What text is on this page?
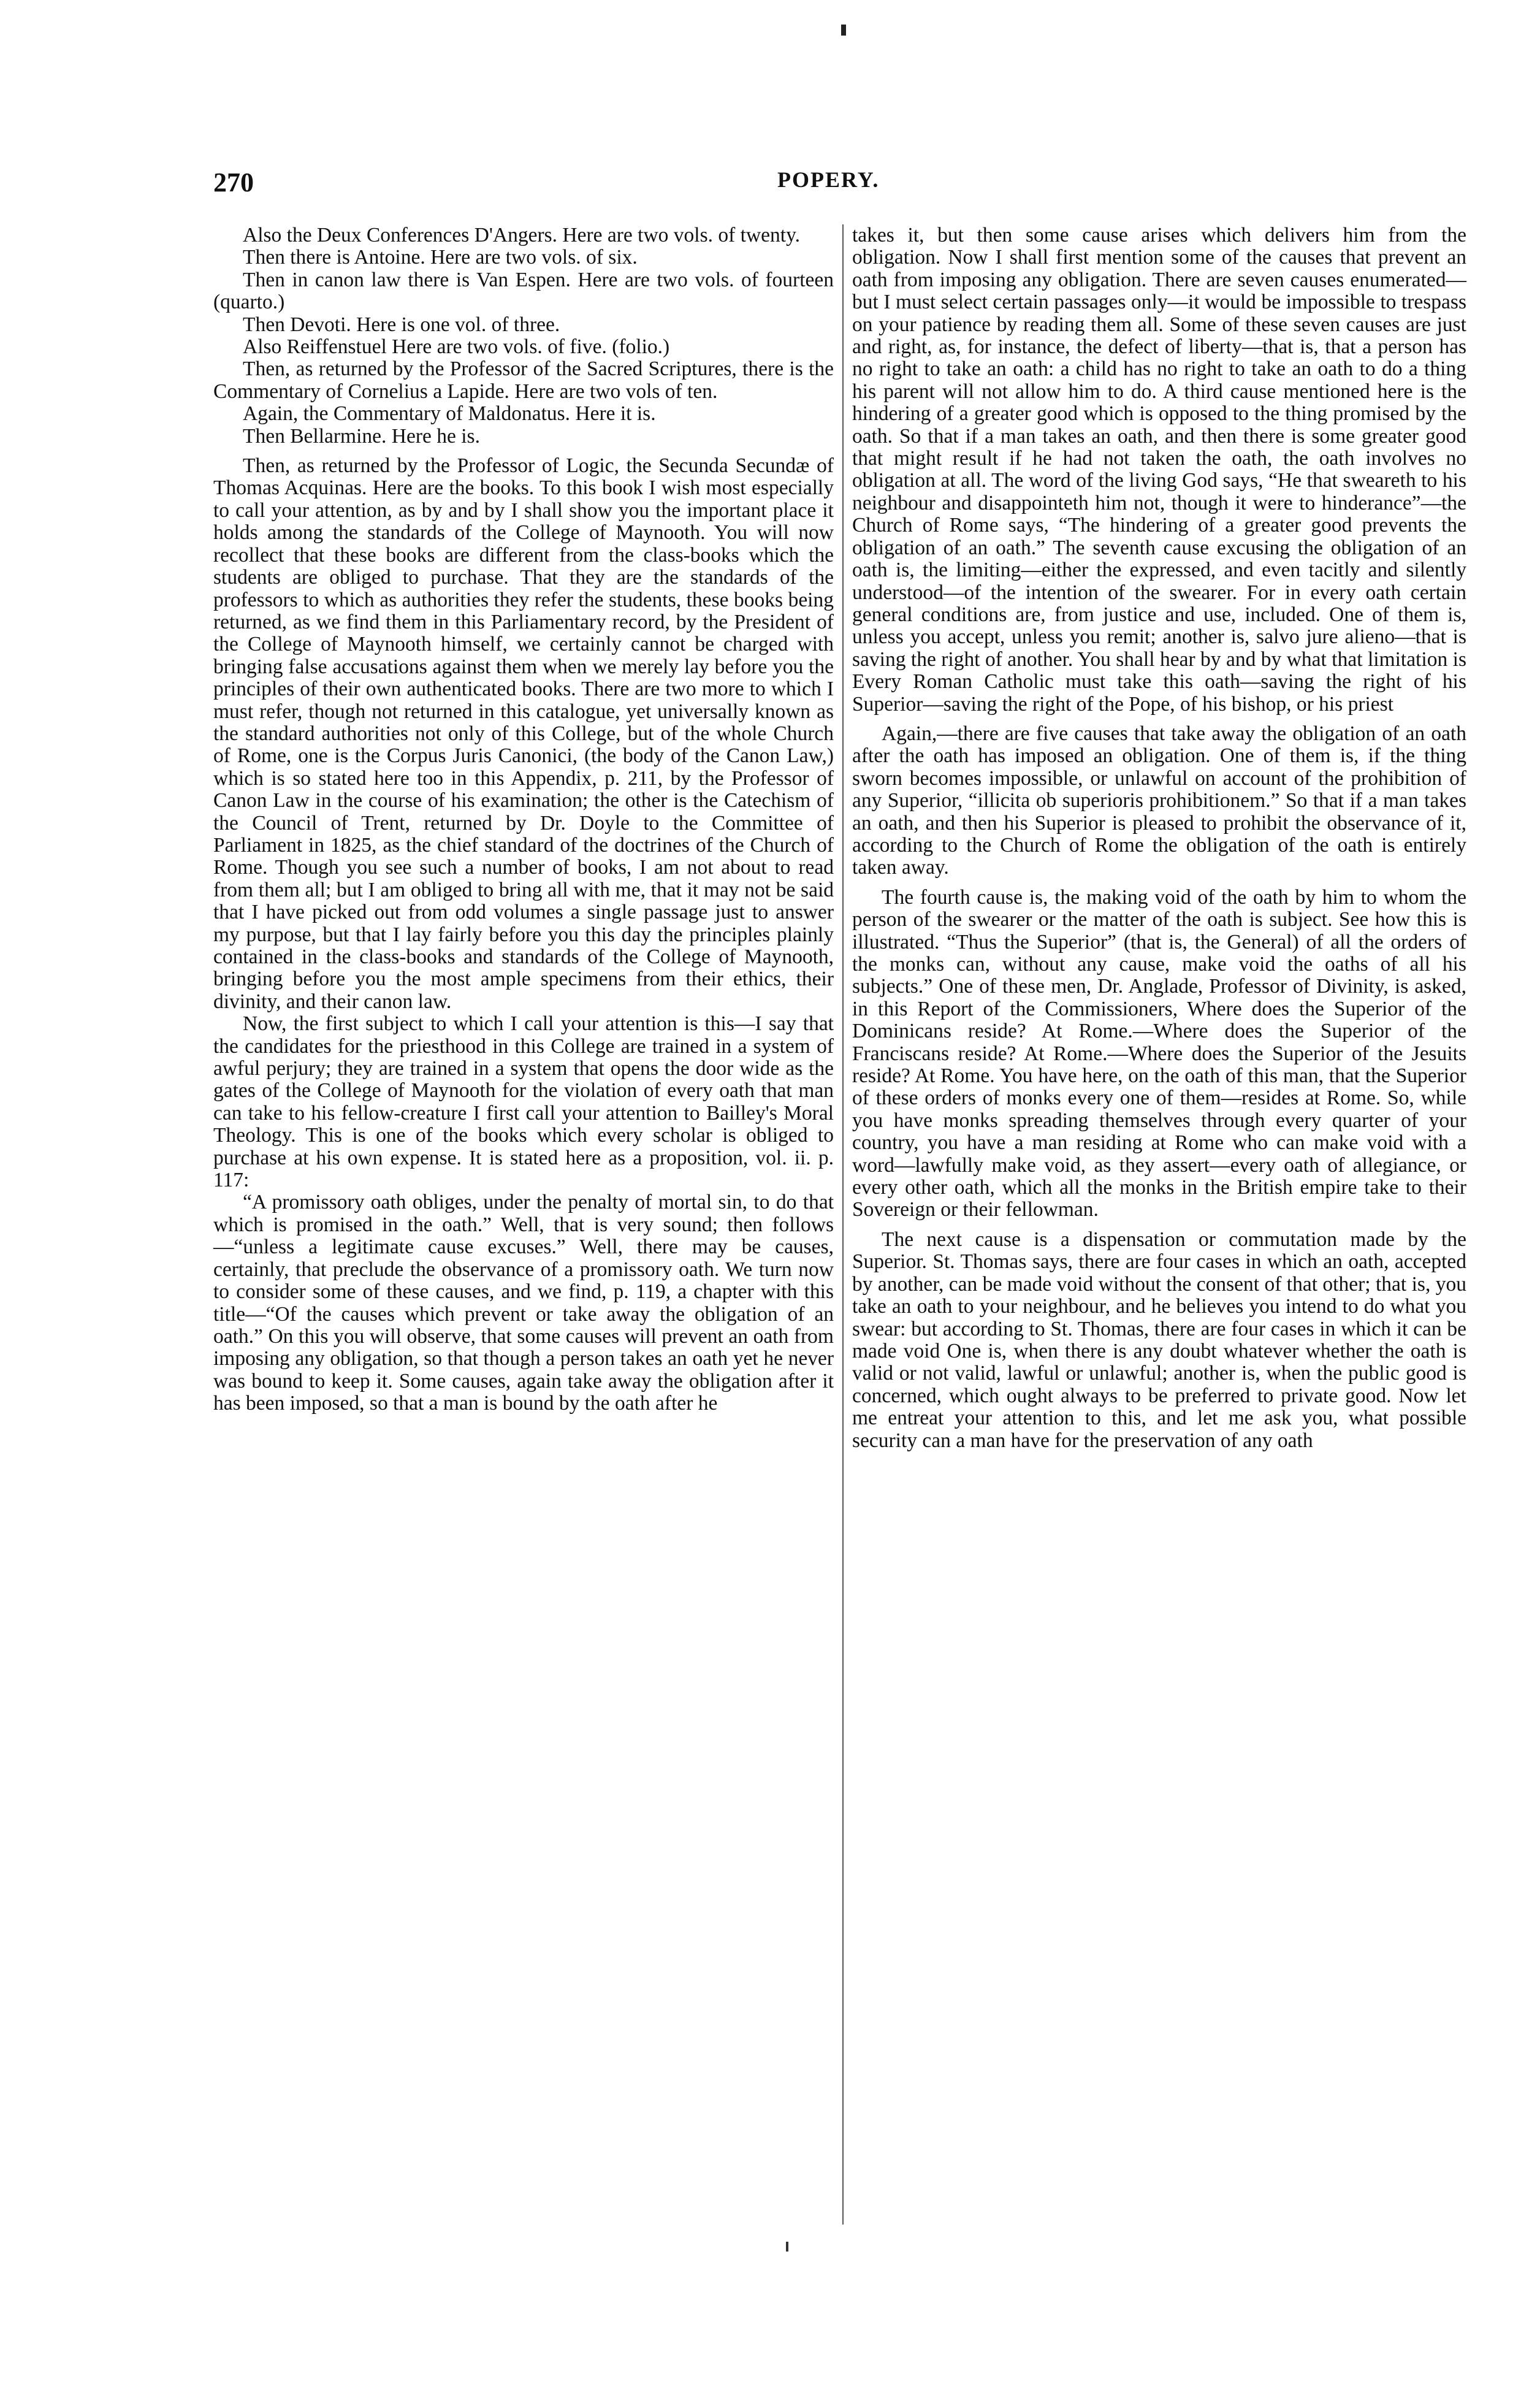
270	POPERY.

Also the Deux Conferences D'Angers. Here are two vols. of twenty.

Then there is Antoine. Here are two vols. of six.

Then in canon law there is Van Espen. Here are two vols. of fourteen (quarto.)

Then Devoti. Here is one vol. of three.

Also Reiffenstuel Here are two vols. of five. (folio.)

Then, as returned by the Professor of the Sacred Scriptures, there is the Commentary of Cornelius a Lapide. Here are two vols of ten.

Again, the Commentary of Maldonatus. Here it is.

Then Bellarmine. Here he is.

Then, as returned by the Professor of Logic, the Secunda Secundæ of Thomas Acquinas. Here are the books. To this book I wish most especially to call your attention, as by and by I shall show you the important place it holds among the standards of the College of Maynooth. You will now recollect that these books are different from the class-books which the students are obliged to purchase. That they are the standards of the professors to which as authorities they refer the students, these books being returned, as we find them in this Parliamentary record, by the President of the College of Maynooth himself, we certainly cannot be charged with bringing false accusations against them when we merely lay before you the principles of their own authenticated books. There are two more to which I must refer, though not returned in this catalogue, yet universally known as the standard authorities not only of this College, but of the whole Church of Rome, one is the Corpus Juris Canonici, (the body of the Canon Law,) which is so stated here too in this Appendix, p. 211, by the Professor of Canon Law in the course of his examination; the other is the Catechism of the Council of Trent, returned by Dr. Doyle to the Committee of Parliament in 1825, as the chief standard of the doctrines of the Church of Rome. Though you see such a number of books, I am not about to read from them all; but I am obliged to bring all with me, that it may not be said that I have picked out from odd volumes a single passage just to answer my purpose, but that I lay fairly before you this day the principles plainly contained in the class-books and standards of the College of Maynooth, bringing before you the most ample specimens from their ethics, their divinity, and their canon law.

Now, the first subject to which I call your attention is this—I say that the candidates for the priesthood in this College are trained in a system of awful perjury; they are trained in a system that opens the door wide as the gates of the College of Maynooth for the violation of every oath that man can take to his fellow-creature I first call your attention to Bailley's Moral Theology. This is one of the books which every scholar is obliged to purchase at his own expense. It is stated here as a proposition, vol. ii. p. 117:

“A promissory oath obliges, under the penalty of mortal sin, to do that which is promised in the oath.” Well, that is very sound; then follows—“unless a legitimate cause excuses.” Well, there may be causes, certainly, that preclude the observance of a promissory oath. We turn now to consider some of these causes, and we find, p. 119, a chapter with this title—“Of the causes which prevent or take away the obligation of an oath.” On this you will observe, that some causes will prevent an oath from imposing any obligation, so that though a person takes an oath yet he never was bound to keep it. Some causes, again take away the obligation after it has been imposed, so that a man is bound by the oath after he

takes it, but then some cause arises which delivers him from the obligation. Now I shall first mention some of the causes that prevent an oath from imposing any obligation. There are seven causes enumerated—but I must select certain passages only—it would be impossible to trespass on your patience by reading them all. Some of these seven causes are just and right, as, for instance, the defect of liberty—that is, that a person has no right to take an oath: a child has no right to take an oath to do a thing his parent will not allow him to do. A third cause mentioned here is the hindering of a greater good which is opposed to the thing promised by the oath. So that if a man takes an oath, and then there is some greater good that might result if he had not taken the oath, the oath involves no obligation at all. The word of the living God says, “He that sweareth to his neighbour and disappointeth him not, though it were to hinderance”—the Church of Rome says, “The hindering of a greater good prevents the obligation of an oath.” The seventh cause excusing the obligation of an oath is, the limiting—either the expressed, and even tacitly and silently understood—of the intention of the swearer. For in every oath certain general conditions are, from justice and use, included. One of them is, unless you accept, unless you remit; another is, salvo jure alieno—that is saving the right of another. You shall hear by and by what that limitation is Every Roman Catholic must take this oath—saving the right of his Superior—saving the right of the Pope, of his bishop, or his priest

Again,—there are five causes that take away the obligation of an oath after the oath has imposed an obligation. One of them is, if the thing sworn becomes impossible, or unlawful on account of the prohibition of any Superior, “illicita ob superioris prohibitionem.” So that if a man takes an oath, and then his Superior is pleased to prohibit the observance of it, according to the Church of Rome the obligation of the oath is entirely taken away.

The fourth cause is, the making void of the oath by him to whom the person of the swearer or the matter of the oath is subject. See how this is illustrated. “Thus the Superior” (that is, the General) of all the orders of the monks can, without any cause, make void the oaths of all his subjects.” One of these men, Dr. Anglade, Professor of Divinity, is asked, in this Report of the Commissioners, Where does the Superior of the Dominicans reside? At Rome.—Where does the Superior of the Franciscans reside? At Rome.—Where does the Superior of the Jesuits reside? At Rome. You have here, on the oath of this man, that the Superior of these orders of monks every one of them—resides at Rome. So, while you have monks spreading themselves through every quarter of your country, you have a man residing at Rome who can make void with a word—lawfully make void, as they assert—every oath of allegiance, or every other oath, which all the monks in the British empire take to their Sovereign or their fellowman.

The next cause is a dispensation or commutation made by the Superior. St. Thomas says, there are four cases in which an oath, accepted by another, can be made void without the consent of that other; that is, you take an oath to your neighbour, and he believes you intend to do what you swear: but according to St. Thomas, there are four cases in which it can be made void One is, when there is any doubt whatever whether the oath is valid or not valid, lawful or unlawful; another is, when the public good is concerned, which ought always to be preferred to private good. Now let me entreat your attention to this, and let me ask you, what possible security can a man have for the preservation of any oath
